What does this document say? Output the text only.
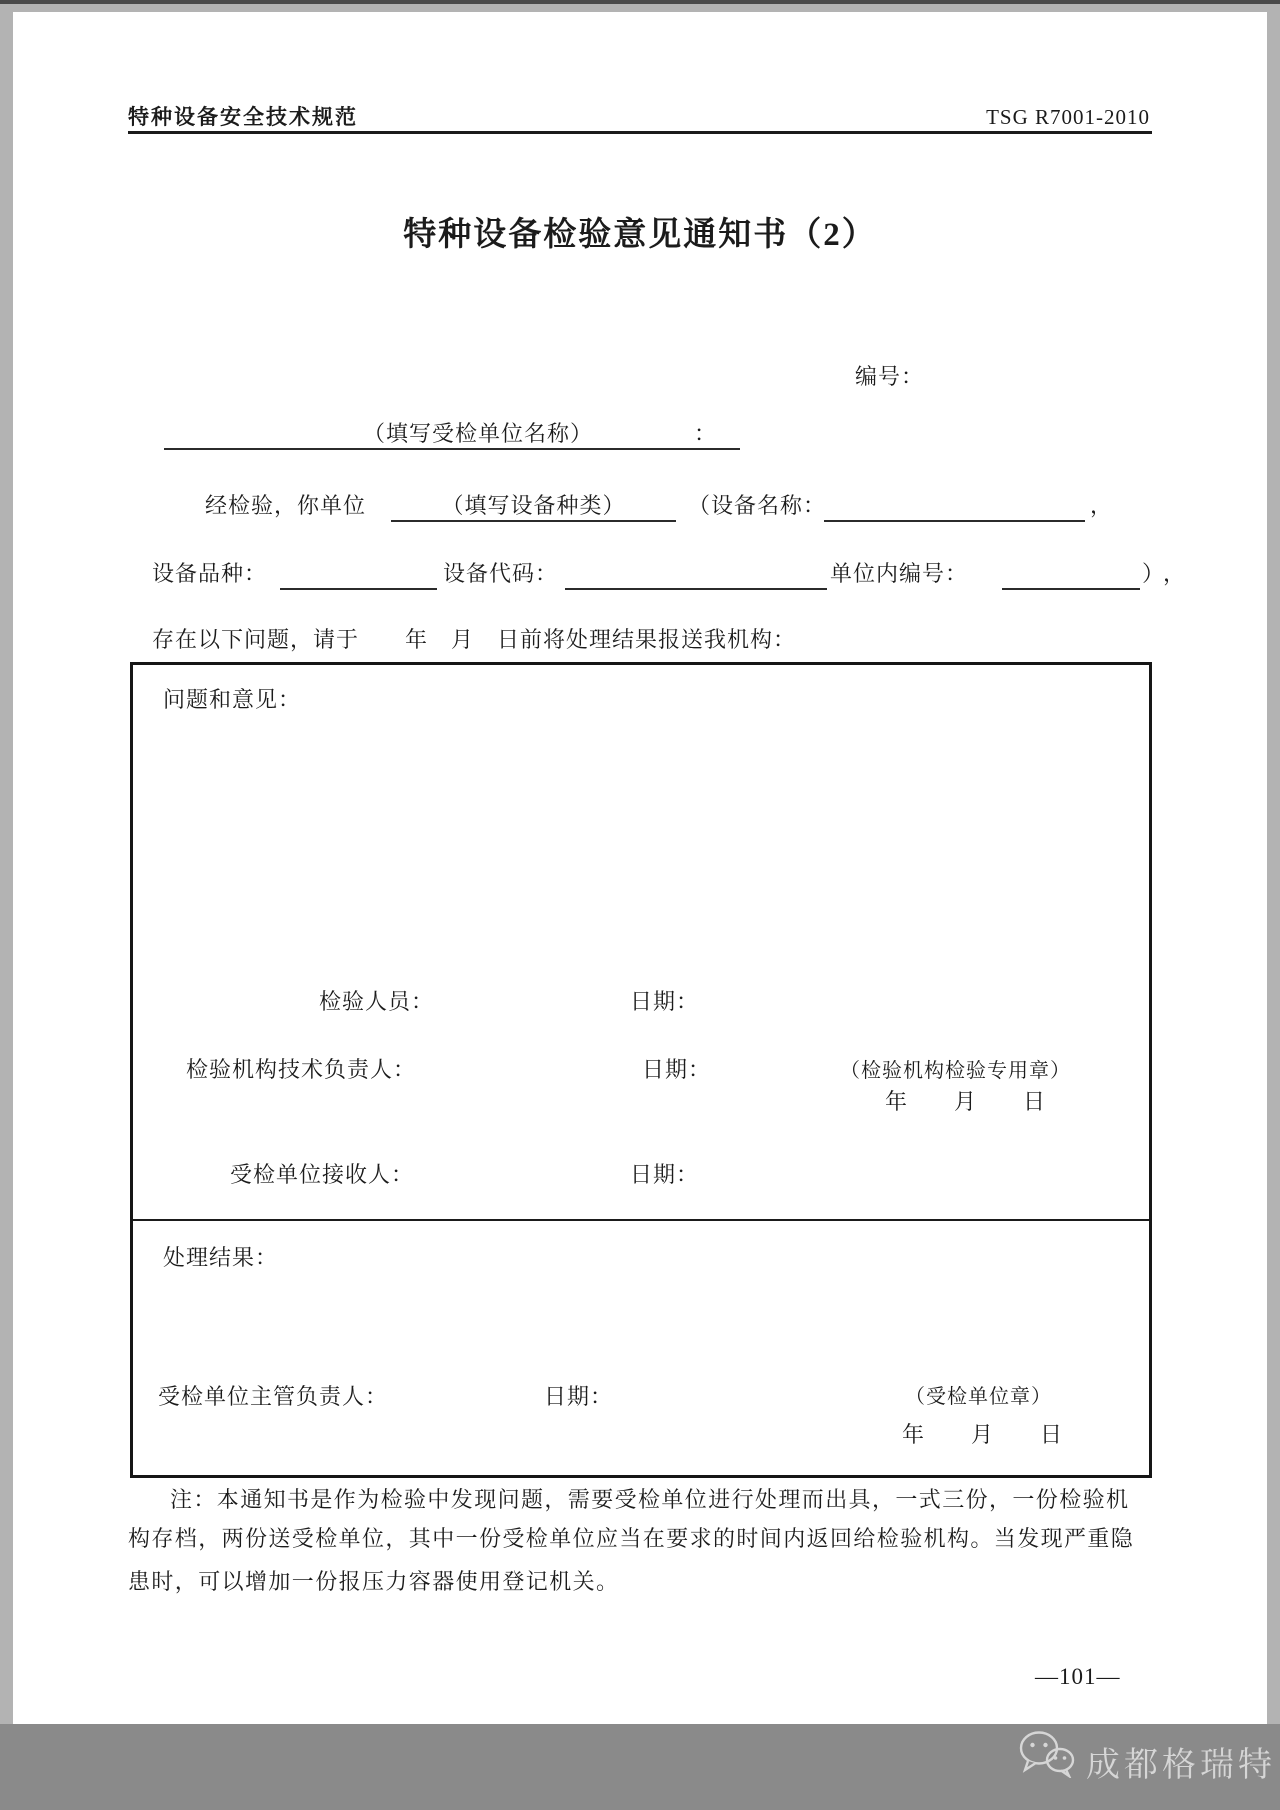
特种设备安全技术规范	TSG R7001-2010
特种设备检验意见通知书（2）
编号：
（填写受检单位名称）	：
经检验，你单位	（填写设备种类）	（设备名称：	，
设备品种：	设备代码：	单位内编号：	），
存在以下问题，请于　　年　月　日前将处理结果报送我机构：
问题和意见：
检验人员：	日期：
检验机构技术负责人：	日期：	（检验机构检验专用章）
年　　月　　日
受检单位接收人：	日期：
处理结果：
受检单位主管负责人：	日期：	（受检单位章）
年　　月　　日
注：本通知书是作为检验中发现问题，需要受检单位进行处理而出具，一式三份，一份检验机
构存档，两份送受检单位，其中一份受检单位应当在要求的时间内返回给检验机构。当发现严重隐
患时，可以增加一份报压力容器使用登记机关。
—101—
成都格瑞特
